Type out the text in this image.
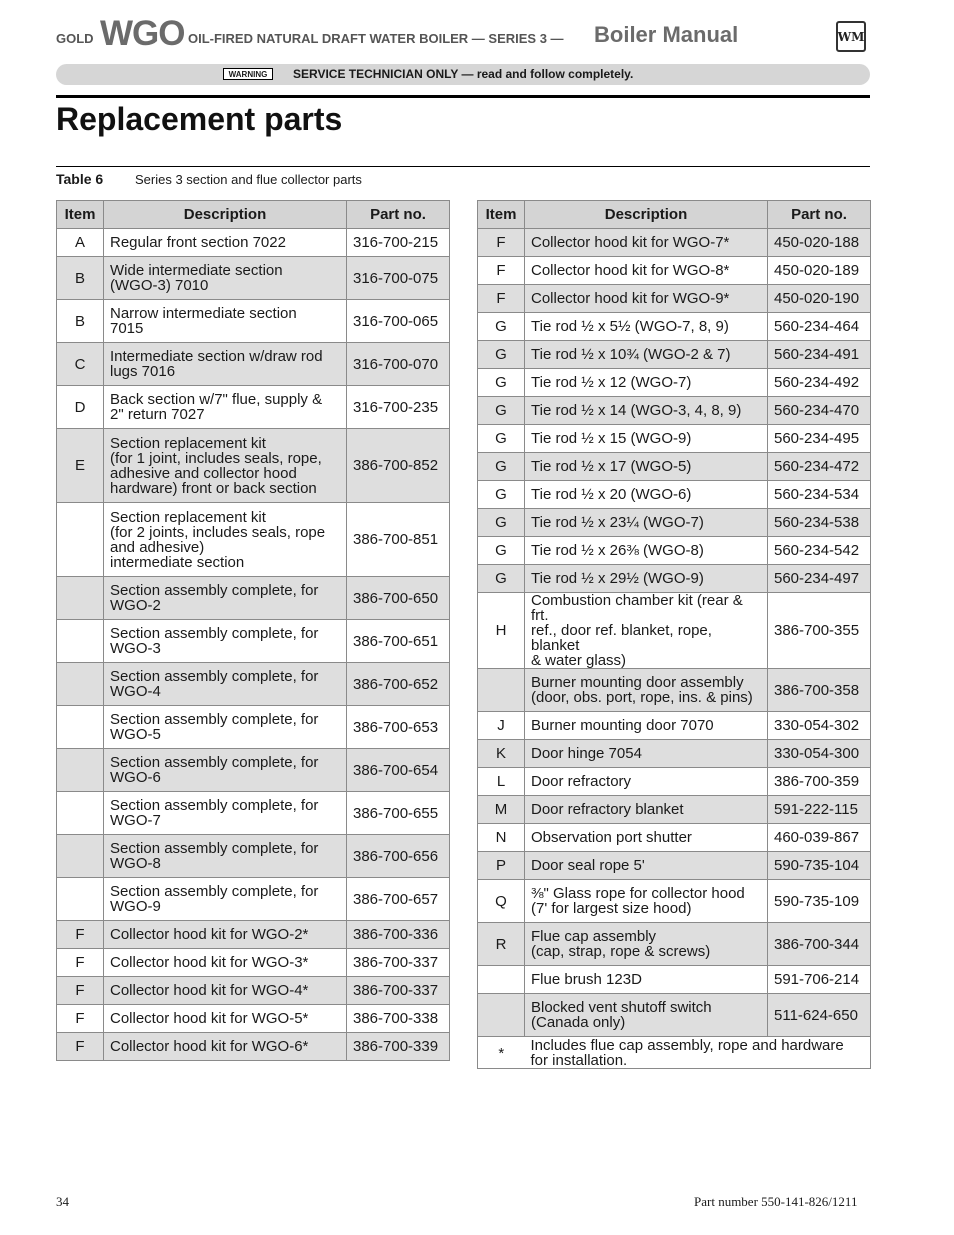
GOLD WGO OIL-FIRED NATURAL DRAFT WATER BOILER — SERIES 3 — Boiler Manual	WM
WARNING	SERVICE TECHNICIAN ONLY — read and follow completely.
Replacement parts
Table 6 Series 3 section and flue collector parts
Item	Description	Part no.
A	Regular front section 7022	316-700-215
B	Wide intermediate section
(WGO-3) 7010	316-700-075
B	Narrow intermediate section
7015	316-700-065
C	Intermediate section w/draw rod
lugs 7016	316-700-070
D	Back section w/7" flue, supply &
2" return 7027	316-700-235
E	Section replacement kit
(for 1 joint, includes seals, rope,
adhesive and collector hood
hardware) front or back section	386-700-852
	Section replacement kit
(for 2 joints, includes seals, rope
and adhesive)
intermediate section	386-700-851
	Section assembly complete, for
WGO-2	386-700-650
	Section assembly complete, for
WGO-3	386-700-651
	Section assembly complete, for
WGO-4	386-700-652
	Section assembly complete, for
WGO-5	386-700-653
	Section assembly complete, for
WGO-6	386-700-654
	Section assembly complete, for
WGO-7	386-700-655
	Section assembly complete, for
WGO-8	386-700-656
	Section assembly complete, for
WGO-9	386-700-657
F	Collector hood kit for WGO-2*	386-700-336
F	Collector hood kit for WGO-3*	386-700-337
F	Collector hood kit for WGO-4*	386-700-337
F	Collector hood kit for WGO-5*	386-700-338
F	Collector hood kit for WGO-6*	386-700-339
Item	Description	Part no.
F	Collector hood kit for WGO-7*	450-020-188
F	Collector hood kit for WGO-8*	450-020-189
F	Collector hood kit for WGO-9*	450-020-190
G	Tie rod ½ x 5½ (WGO-7, 8, 9)	560-234-464
G	Tie rod ½ x 10¾ (WGO-2 & 7)	560-234-491
G	Tie rod ½ x 12 (WGO-7)	560-234-492
G	Tie rod ½ x 14 (WGO-3, 4, 8, 9)	560-234-470
G	Tie rod ½ x 15 (WGO-9)	560-234-495
G	Tie rod ½ x 17 (WGO-5)	560-234-472
G	Tie rod ½ x 20 (WGO-6)	560-234-534
G	Tie rod ½ x 23¼ (WGO-7)	560-234-538
G	Tie rod ½ x 26⅜ (WGO-8)	560-234-542
G	Tie rod ½ x 29½ (WGO-9)	560-234-497
H	Combustion chamber kit (rear & frt.
ref., door ref. blanket, rope, blanket
& water glass)	386-700-355
	Burner mounting door assembly
(door, obs. port, rope, ins. & pins)	386-700-358
J	Burner mounting door 7070	330-054-302
K	Door hinge 7054	330-054-300
L	Door refractory	386-700-359
M	Door refractory blanket	591-222-115
N	Observation port shutter	460-039-867
P	Door seal rope 5'	590-735-104
Q	⅜" Glass rope for collector hood
(7' for largest size hood)	590-735-109
R	Flue cap assembly
(cap, strap, rope & screws)	386-700-344
	Flue brush 123D	591-706-214
	Blocked vent shutoff switch
(Canada only)	511-624-650
*	Includes flue cap assembly, rope and hardware for installation.	
34	Part number 550-141-826/1211
